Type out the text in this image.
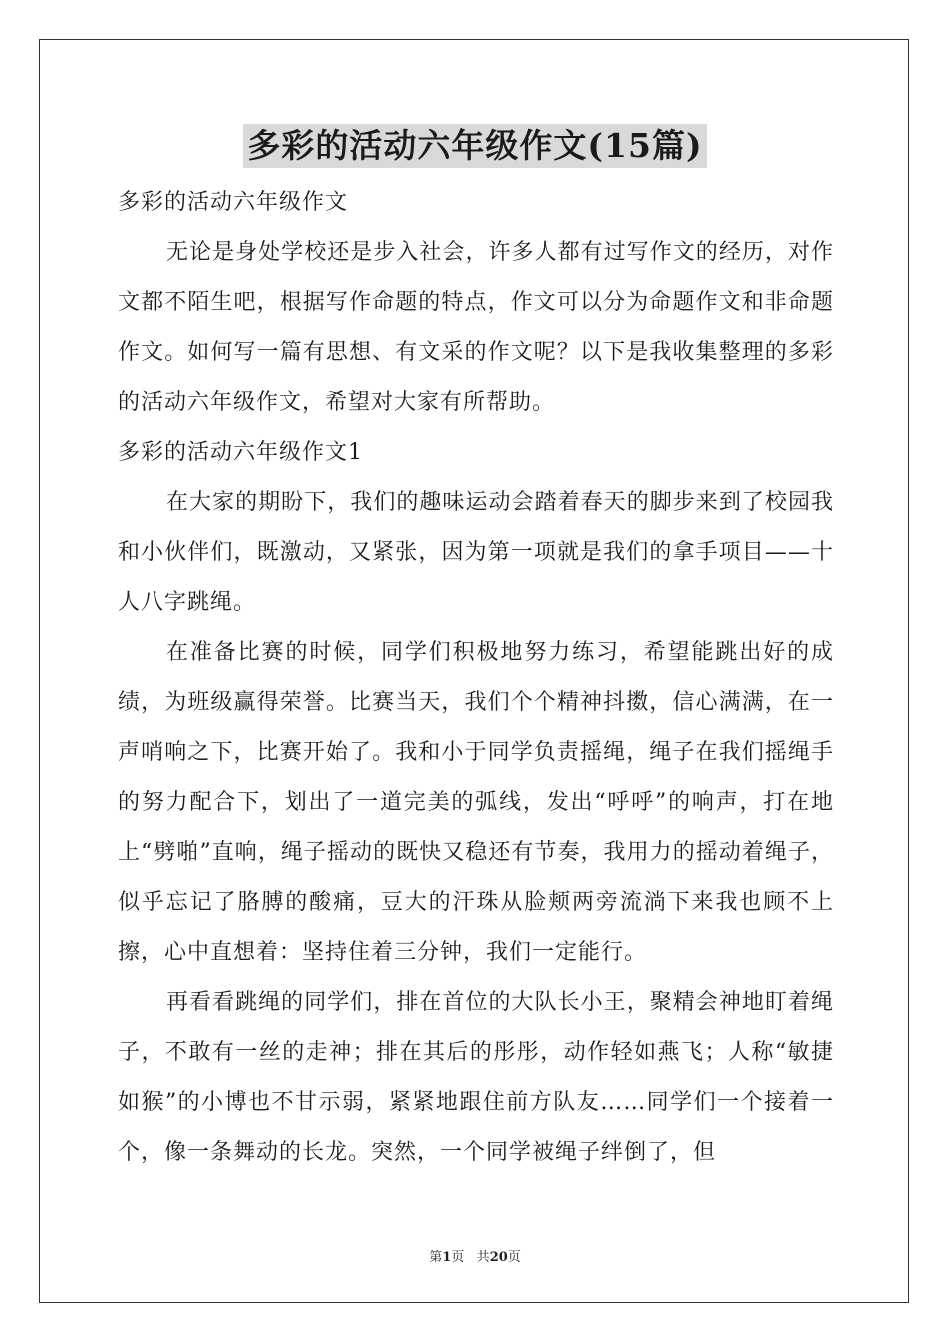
多彩的活动六年级作文(15篇)

多彩的活动六年级作文

无论是身处学校还是步入社会，许多人都有过写作文的经历，对作文都不陌生吧，根据写作命题的特点，作文可以分为命题作文和非命题作文。如何写一篇有思想、有文采的作文呢？以下是我收集整理的多彩的活动六年级作文，希望对大家有所帮助。

多彩的活动六年级作文1

在大家的期盼下，我们的趣味运动会踏着春天的脚步来到了校园我和小伙伴们，既激动，又紧张，因为第一项就是我们的拿手项目——十人八字跳绳。

在准备比赛的时候，同学们积极地努力练习，希望能跳出好的成绩，为班级赢得荣誉。比赛当天，我们个个精神抖擞，信心满满，在一声哨响之下，比赛开始了。我和小于同学负责摇绳，绳子在我们摇绳手的努力配合下，划出了一道完美的弧线，发出“呼呼”的响声，打在地上“劈啪”直响，绳子摇动的既快又稳还有节奏，我用力的摇动着绳子，似乎忘记了胳膊的酸痛，豆大的汗珠从脸颊两旁流淌下来我也顾不上擦，心中直想着：坚持住着三分钟，我们一定能行。

再看看跳绳的同学们，排在首位的大队长小王，聚精会神地盯着绳子，不敢有一丝的走神；排在其后的彤彤，动作轻如燕飞；人称“敏捷如猴”的小博也不甘示弱，紧紧地跟住前方队友……同学们一个接着一个，像一条舞动的长龙。突然，一个同学被绳子绊倒了，但

第1页 共20页
